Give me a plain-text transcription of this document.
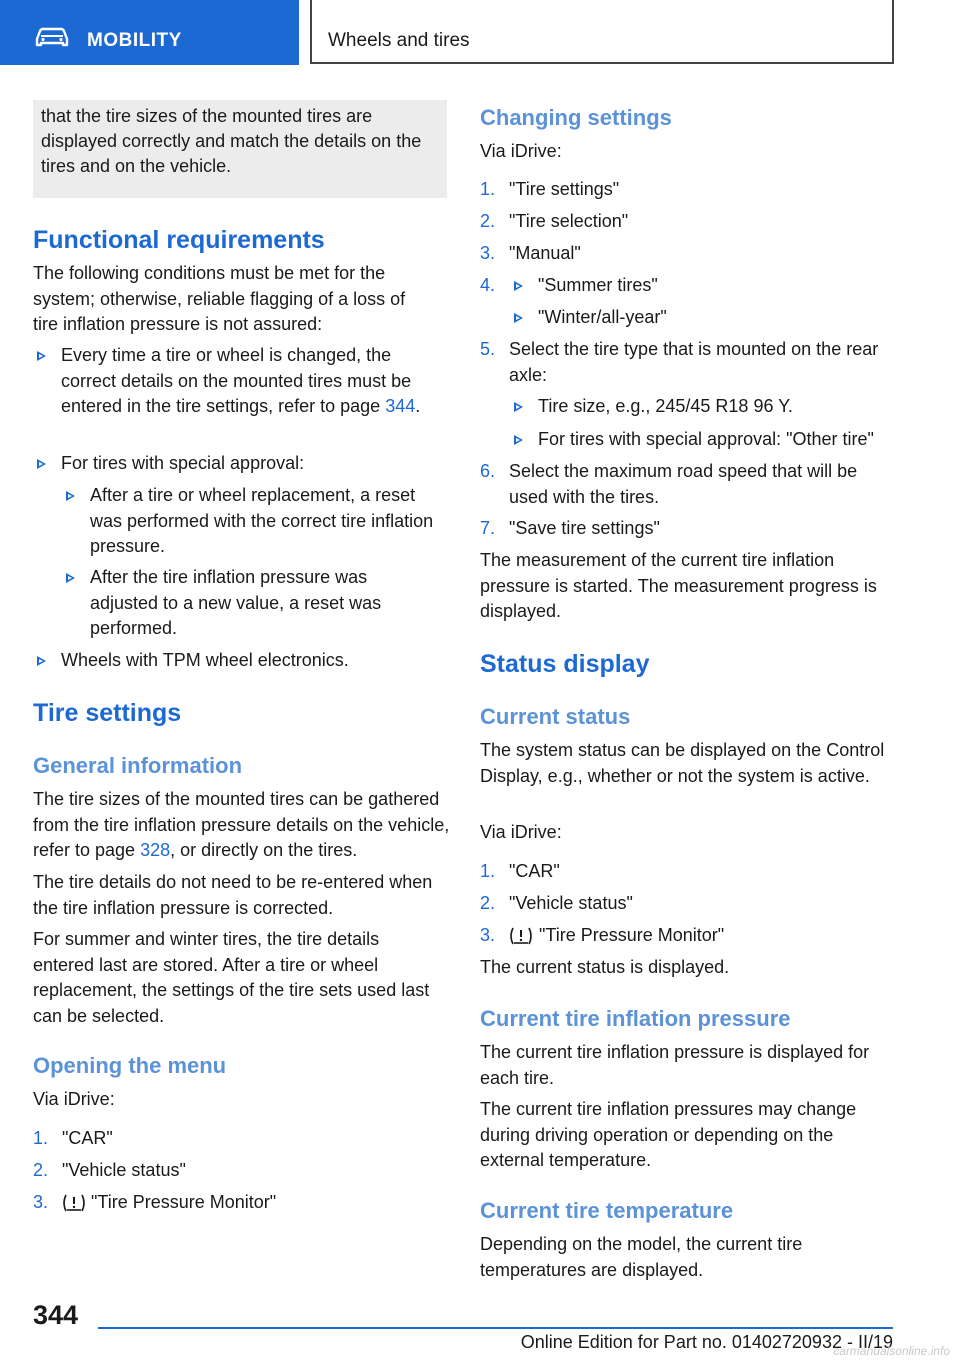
MOBILITY	Wheels and tires
that the tire sizes of the mounted tires are displayed correctly and match the details on the tires and on the vehicle.
Functional requirements
The following conditions must be met for the system; otherwise, reliable flagging of a loss of tire inflation pressure is not assured:
Every time a tire or wheel is changed, the correct details on the mounted tires must be entered in the tire settings, refer to page 344.
For tires with special approval:
After a tire or wheel replacement, a reset was performed with the correct tire inflation pressure.
After the tire inflation pressure was adjusted to a new value, a reset was performed.
Wheels with TPM wheel electronics.
Tire settings
General information
The tire sizes of the mounted tires can be gathered from the tire inflation pressure details on the vehicle, refer to page 328, or directly on the tires.
The tire details do not need to be re-entered when the tire inflation pressure is corrected.
For summer and winter tires, the tire details entered last are stored. After a tire or wheel replacement, the settings of the tire sets used last can be selected.
Opening the menu
Via iDrive:
1. "CAR"
2. "Vehicle status"
3. "Tire Pressure Monitor"
Changing settings
Via iDrive:
1. "Tire settings"
2. "Tire selection"
3. "Manual"
4. "Summer tires"
"Winter/all-year"
5. Select the tire type that is mounted on the rear axle:
Tire size, e.g., 245/45 R18 96 Y.
For tires with special approval: "Other tire"
6. Select the maximum road speed that will be used with the tires.
7. "Save tire settings"
The measurement of the current tire inflation pressure is started. The measurement progress is displayed.
Status display
Current status
The system status can be displayed on the Control Display, e.g., whether or not the system is active.
Via iDrive:
1. "CAR"
2. "Vehicle status"
3. "Tire Pressure Monitor"
The current status is displayed.
Current tire inflation pressure
The current tire inflation pressure is displayed for each tire.
The current tire inflation pressures may change during driving operation or depending on the external temperature.
Current tire temperature
Depending on the model, the current tire temperatures are displayed.
344
Online Edition for Part no. 01402720932 - II/19
carmanualsonline.info
